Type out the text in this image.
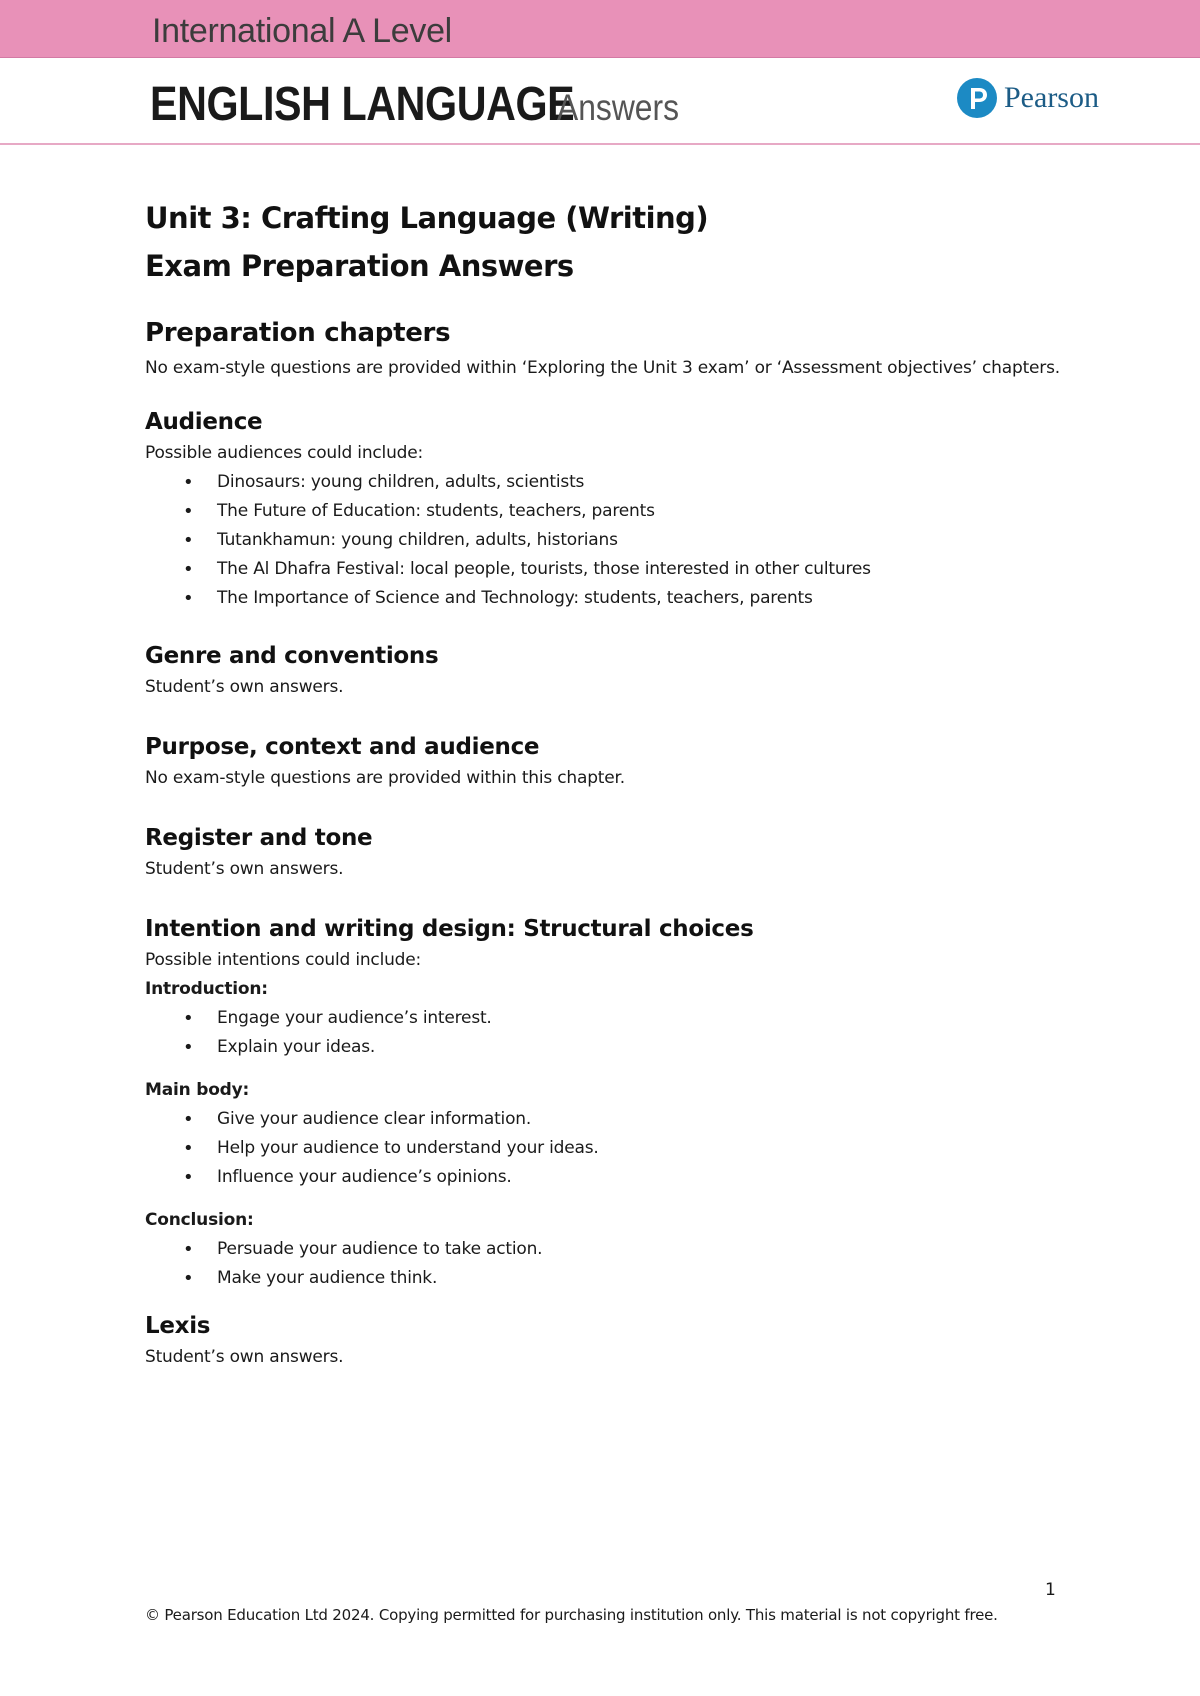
International A Level
ENGLISH LANGUAGE
Answers	Pearson
Unit 3: Crafting Language (Writing)
Exam Preparation Answers
Preparation chapters

No exam-style questions are provided within ‘Exploring the Unit 3 exam’ or ‘Assessment objectives’ chapters.

Audience

Possible audiences could include:

• Dinosaurs: young children, adults, scientists
• The Future of Education: students, teachers, parents
• Tutankhamun: young children, adults, historians
• The Al Dhafra Festival: local people, tourists, those interested in other cultures
• The Importance of Science and Technology: students, teachers, parents
Genre and conventions

Student’s own answers.

Purpose, context and audience

No exam-style questions are provided within this chapter.

Register and tone

Student’s own answers.

Intention and writing design: Structural choices

Possible intentions could include:

Introduction:

• Engage your audience’s interest.
• Explain your ideas.

Main body:

• Give your audience clear information.
• Help your audience to understand your ideas.
• Influence your audience’s opinions.

Conclusion:

• Persuade your audience to take action.
• Make your audience think.
Lexis

Student’s own answers.

1
© Pearson Education Ltd 2024. Copying permitted for purchasing institution only. This material is not copyright free.
